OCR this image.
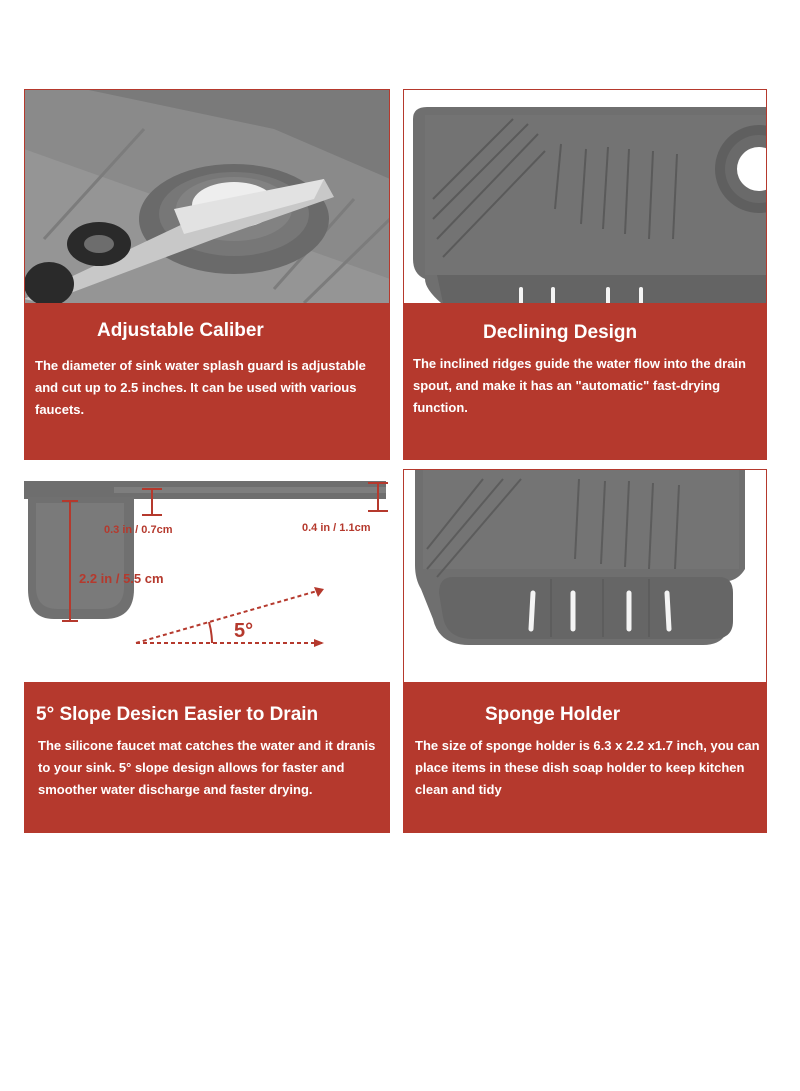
Adjustable Caliber

The diameter of sink water splash guard is adjustable and cut up to 2.5 inches. It can be used with various faucets.

Declining Design

The inclined ridges guide the water flow into the drain spout, and make it has an "automatic" fast-drying function.

0.3 in / 0.7cm	0.4 in / 1.1cm
2.2 in / 5.5 cm
5°
5° Slope Desicn Easier to Drain

The silicone faucet mat catches the water and it dranis to your sink. 5° slope design allows for faster and smoother water discharge and faster drying.

Sponge Holder

The size of sponge holder is 6.3 x 2.2 x1.7 inch, you can place items in these dish soap holder to keep kitchen clean and tidy
